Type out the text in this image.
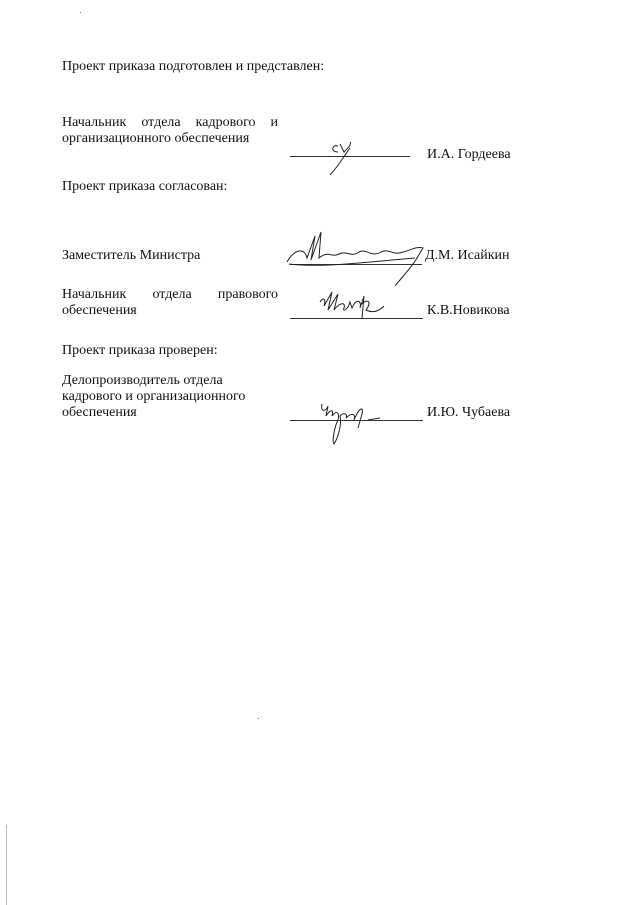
Проект приказа подготовлен и представлен:
Начальник отдела кадрового и
организационного обеспечения
И.А. Гордеева
Проект приказа согласован:
Заместитель Министра	Д.М. Исайкин
Начальник отдела правового
обеспечения	К.В.Новикова
Проект приказа проверен:
Делопроизводитель отдела
кадрового и организационного
обеспечения	И.Ю. Чубаева
